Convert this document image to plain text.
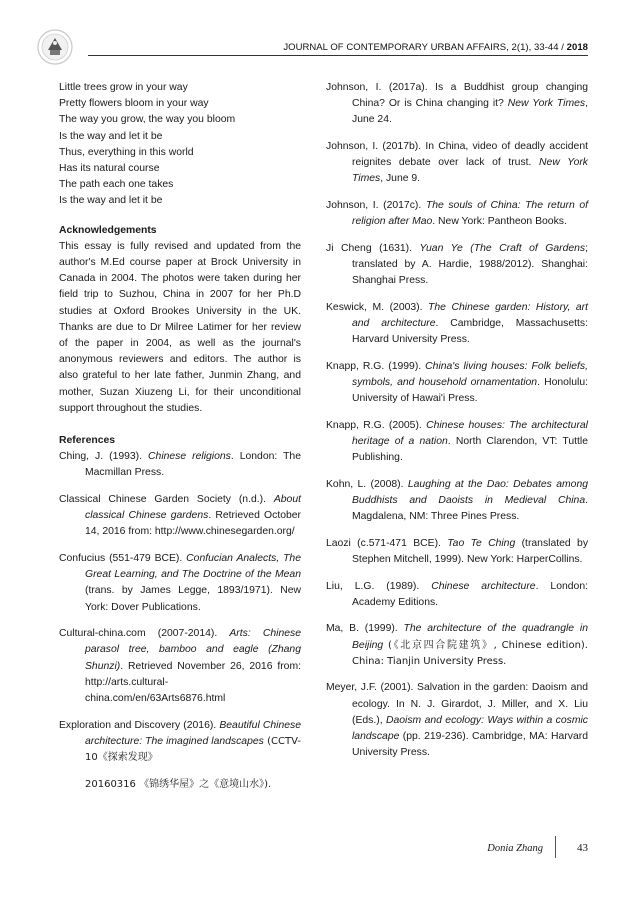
JOURNAL OF CONTEMPORARY URBAN AFFAIRS, 2(1), 33-44 / 2018
Little trees grow in your way
Pretty flowers bloom in your way
The way you grow, the way you bloom
Is the way and let it be
Thus, everything in this world
Has its natural course
The path each one takes
Is the way and let it be
Acknowledgements
This essay is fully revised and updated from the author's M.Ed course paper at Brock University in Canada in 2004. The photos were taken during her field trip to Suzhou, China in 2007 for her Ph.D studies at Oxford Brookes University in the UK. Thanks are due to Dr Milree Latimer for her review of the paper in 2004, as well as the journal's anonymous reviewers and editors. The author is also grateful to her late father, Junmin Zhang, and mother, Suzan Xiuzeng Li, for their unconditional support throughout the studies.
References
Ching, J. (1993). Chinese religions. London: The Macmillan Press.
Classical Chinese Garden Society (n.d.). About classical Chinese gardens. Retrieved October 14, 2016 from: http://www.chinesegarden.org/
Confucius (551-479 BCE). Confucian Analects, The Great Learning, and The Doctrine of the Mean (trans. by James Legge, 1893/1971). New York: Dover Publications.
Cultural-china.com (2007-2014). Arts: Chinese parasol tree, bamboo and eagle (Zhang Shunzi). Retrieved November 26, 2016 from: http://arts.cultural-china.com/en/63Arts6876.html
Exploration and Discovery (2016). Beautiful Chinese architecture: The imagined landscapes (CCTV-10《探索发现》
20160316 《锦绣华屋》之《意境山水》).
Johnson, I. (2017a). Is a Buddhist group changing China? Or is China changing it? New York Times, June 24.
Johnson, I. (2017b). In China, video of deadly accident reignites debate over lack of trust. New York Times, June 9.
Johnson, I. (2017c). The souls of China: The return of religion after Mao. New York: Pantheon Books.
Ji Cheng (1631). Yuan Ye (The Craft of Gardens; translated by A. Hardie, 1988/2012). Shanghai: Shanghai Press.
Keswick, M. (2003). The Chinese garden: History, art and architecture. Cambridge, Massachusetts: Harvard University Press.
Knapp, R.G. (1999). China's living houses: Folk beliefs, symbols, and household ornamentation. Honolulu: University of Hawai'i Press.
Knapp, R.G. (2005). Chinese houses: The architectural heritage of a nation. North Clarendon, VT: Tuttle Publishing.
Kohn, L. (2008). Laughing at the Dao: Debates among Buddhists and Daoists in Medieval China. Magdalena, NM: Three Pines Press.
Laozi (c.571-471 BCE). Tao Te Ching (translated by Stephen Mitchell, 1999). New York: HarperCollins.
Liu, L.G. (1989). Chinese architecture. London: Academy Editions.
Ma, B. (1999). The architecture of the quadrangle in Beijing (《北京四合院建筑》, Chinese edition). China: Tianjin University Press.
Meyer, J.F. (2001). Salvation in the garden: Daoism and ecology. In N. J. Girardot, J. Miller, and X. Liu (Eds.), Daoism and ecology: Ways within a cosmic landscape (pp. 219-236). Cambridge, MA: Harvard University Press.
Donia Zhang	43
